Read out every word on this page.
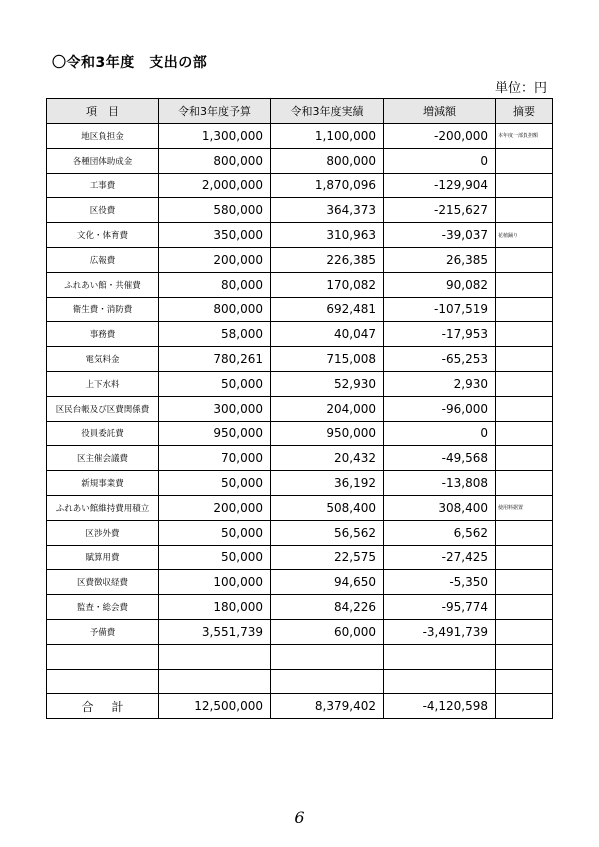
〇令和3年度　支出の部
単位：円
項　目	令和3年度予算	令和3年度実績	増減額	摘要
地区負担金	1,300,000	1,100,000	-200,000	本年度一部負担額
各種団体助成金	800,000	800,000	0	
工事費	2,000,000	1,870,096	-129,904	
区役費	580,000	364,373	-215,627	
文化・体育費	350,000	310,963	-39,037	花植踊り
広報費	200,000	226,385	26,385	
ふれあい館・共催費	80,000	170,082	90,082	
衛生費・消防費	800,000	692,481	-107,519	
事務費	58,000	40,047	-17,953	
電気料金	780,261	715,008	-65,253	
上下水料	50,000	52,930	2,930	
区民台帳及び区費関係費	300,000	204,000	-96,000	
役員委託費	950,000	950,000	0	
区主催会議費	70,000	20,432	-49,568	
新規事業費	50,000	36,192	-13,808	
ふれあい館維持費用積立	200,000	508,400	308,400	使用料据置
区渉外費	50,000	56,562	6,562	
賦算用費	50,000	22,575	-27,425	
区費徴収経費	100,000	94,650	-5,350	
監査・総会費	180,000	84,226	-95,774	
予備費	3,551,739	60,000	-3,491,739	

合計	12,500,000	8,379,402	-4,120,598	
6
